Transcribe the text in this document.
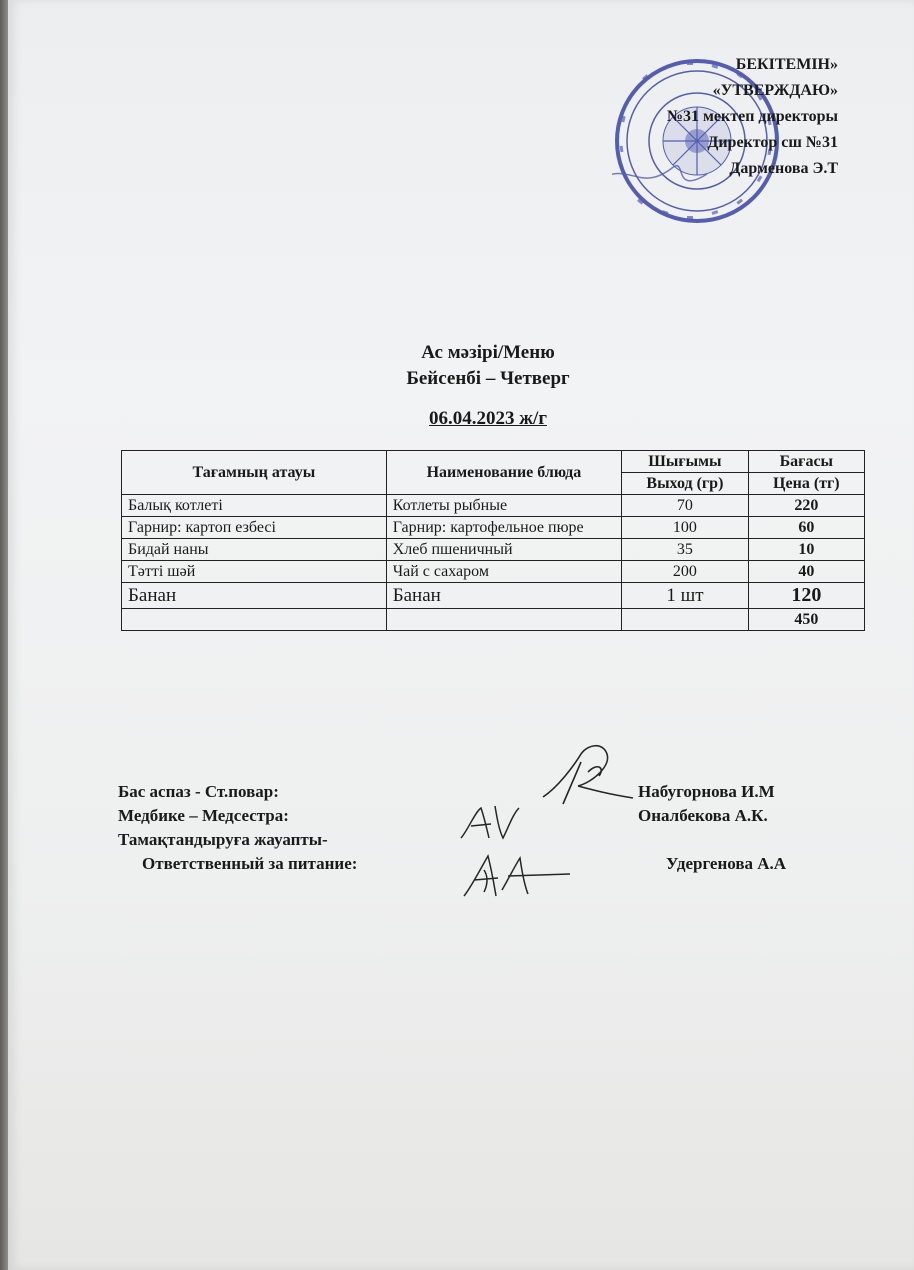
БЕКІТЕМІН»
«УТВЕРЖДАЮ»
№31 мектеп директоры
Директор сш №31
Дарменова Э.Т
Ас мәзірі/Меню
Бейсенбі – Четверг
06.04.2023 ж/г
Тағамның атауы	Наименование блюда	Шығымы	Бағасы
		Выход (гр)	Цена (тг)
Балық котлеті	Котлеты рыбные	70	220
Гарнир: картоп езбесі	Гарнир: картофельное пюре	100	60
Бидай наны	Хлеб пшеничный	35	10
Тәтті шәй	Чай с сахаром	200	40
Банан	Банан	1 шт	120
			450
Бас аспаз - Ст.повар:	Набугорнова И.М
Медбике – Медсестра:	Оналбекова А.К.
Тамақтандыруға жауапты-
Ответственный за питание:	Удергенова А.А
